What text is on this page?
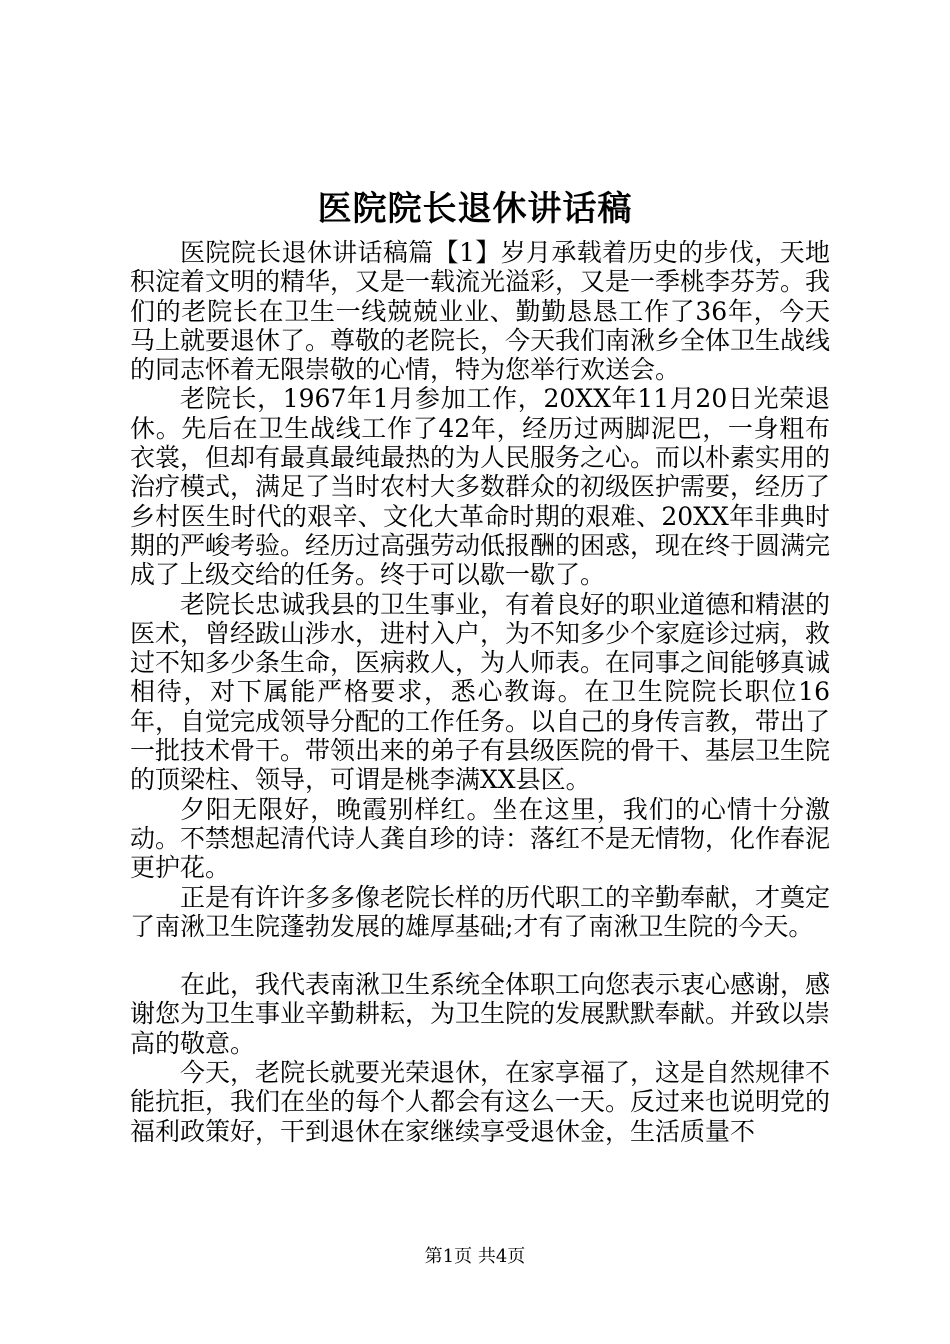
医院院长退休讲话稿

医院院长退休讲话稿篇【1】岁月承载着历史的步伐，天地积淀着文明的精华，又是一载流光溢彩，又是一季桃李芬芳。我们的老院长在卫生一线兢兢业业、勤勤恳恳工作了36年，今天马上就要退休了。尊敬的老院长，今天我们南湫乡全体卫生战线的同志怀着无限崇敬的心情，特为您举行欢送会。

老院长，1967年1月参加工作，20XX年11月20日光荣退休。先后在卫生战线工作了42年，经历过两脚泥巴，一身粗布衣裳，但却有最真最纯最热的为人民服务之心。而以朴素实用的治疗模式，满足了当时农村大多数群众的初级医护需要，经历了乡村医生时代的艰辛、文化大革命时期的艰难、20XX年非典时期的严峻考验。经历过高强劳动低报酬的困惑，现在终于圆满完成了上级交给的任务。终于可以歇一歇了。

老院长忠诚我县的卫生事业，有着良好的职业道德和精湛的医术，曾经跋山涉水，进村入户，为不知多少个家庭诊过病，救过不知多少条生命，医病救人，为人师表。在同事之间能够真诚相待，对下属能严格要求，悉心教诲。在卫生院院长职位16年，自觉完成领导分配的工作任务。以自己的身传言教，带出了一批技术骨干。带领出来的弟子有县级医院的骨干、基层卫生院的顶梁柱、领导，可谓是桃李满XX县区。

夕阳无限好，晚霞别样红。坐在这里，我们的心情十分激动。不禁想起清代诗人龚自珍的诗：落红不是无情物，化作春泥更护花。

正是有许许多多像老院长样的历代职工的辛勤奉献，才奠定了南湫卫生院蓬勃发展的雄厚基础;才有了南湫卫生院的今天。

在此，我代表南湫卫生系统全体职工向您表示衷心感谢，感谢您为卫生事业辛勤耕耘，为卫生院的发展默默奉献。并致以崇高的敬意。

今天，老院长就要光荣退休，在家享福了，这是自然规律不能抗拒，我们在坐的每个人都会有这么一天。反过来也说明党的福利政策好，干到退休在家继续享受退休金，生活质量不

第1页 共4页
